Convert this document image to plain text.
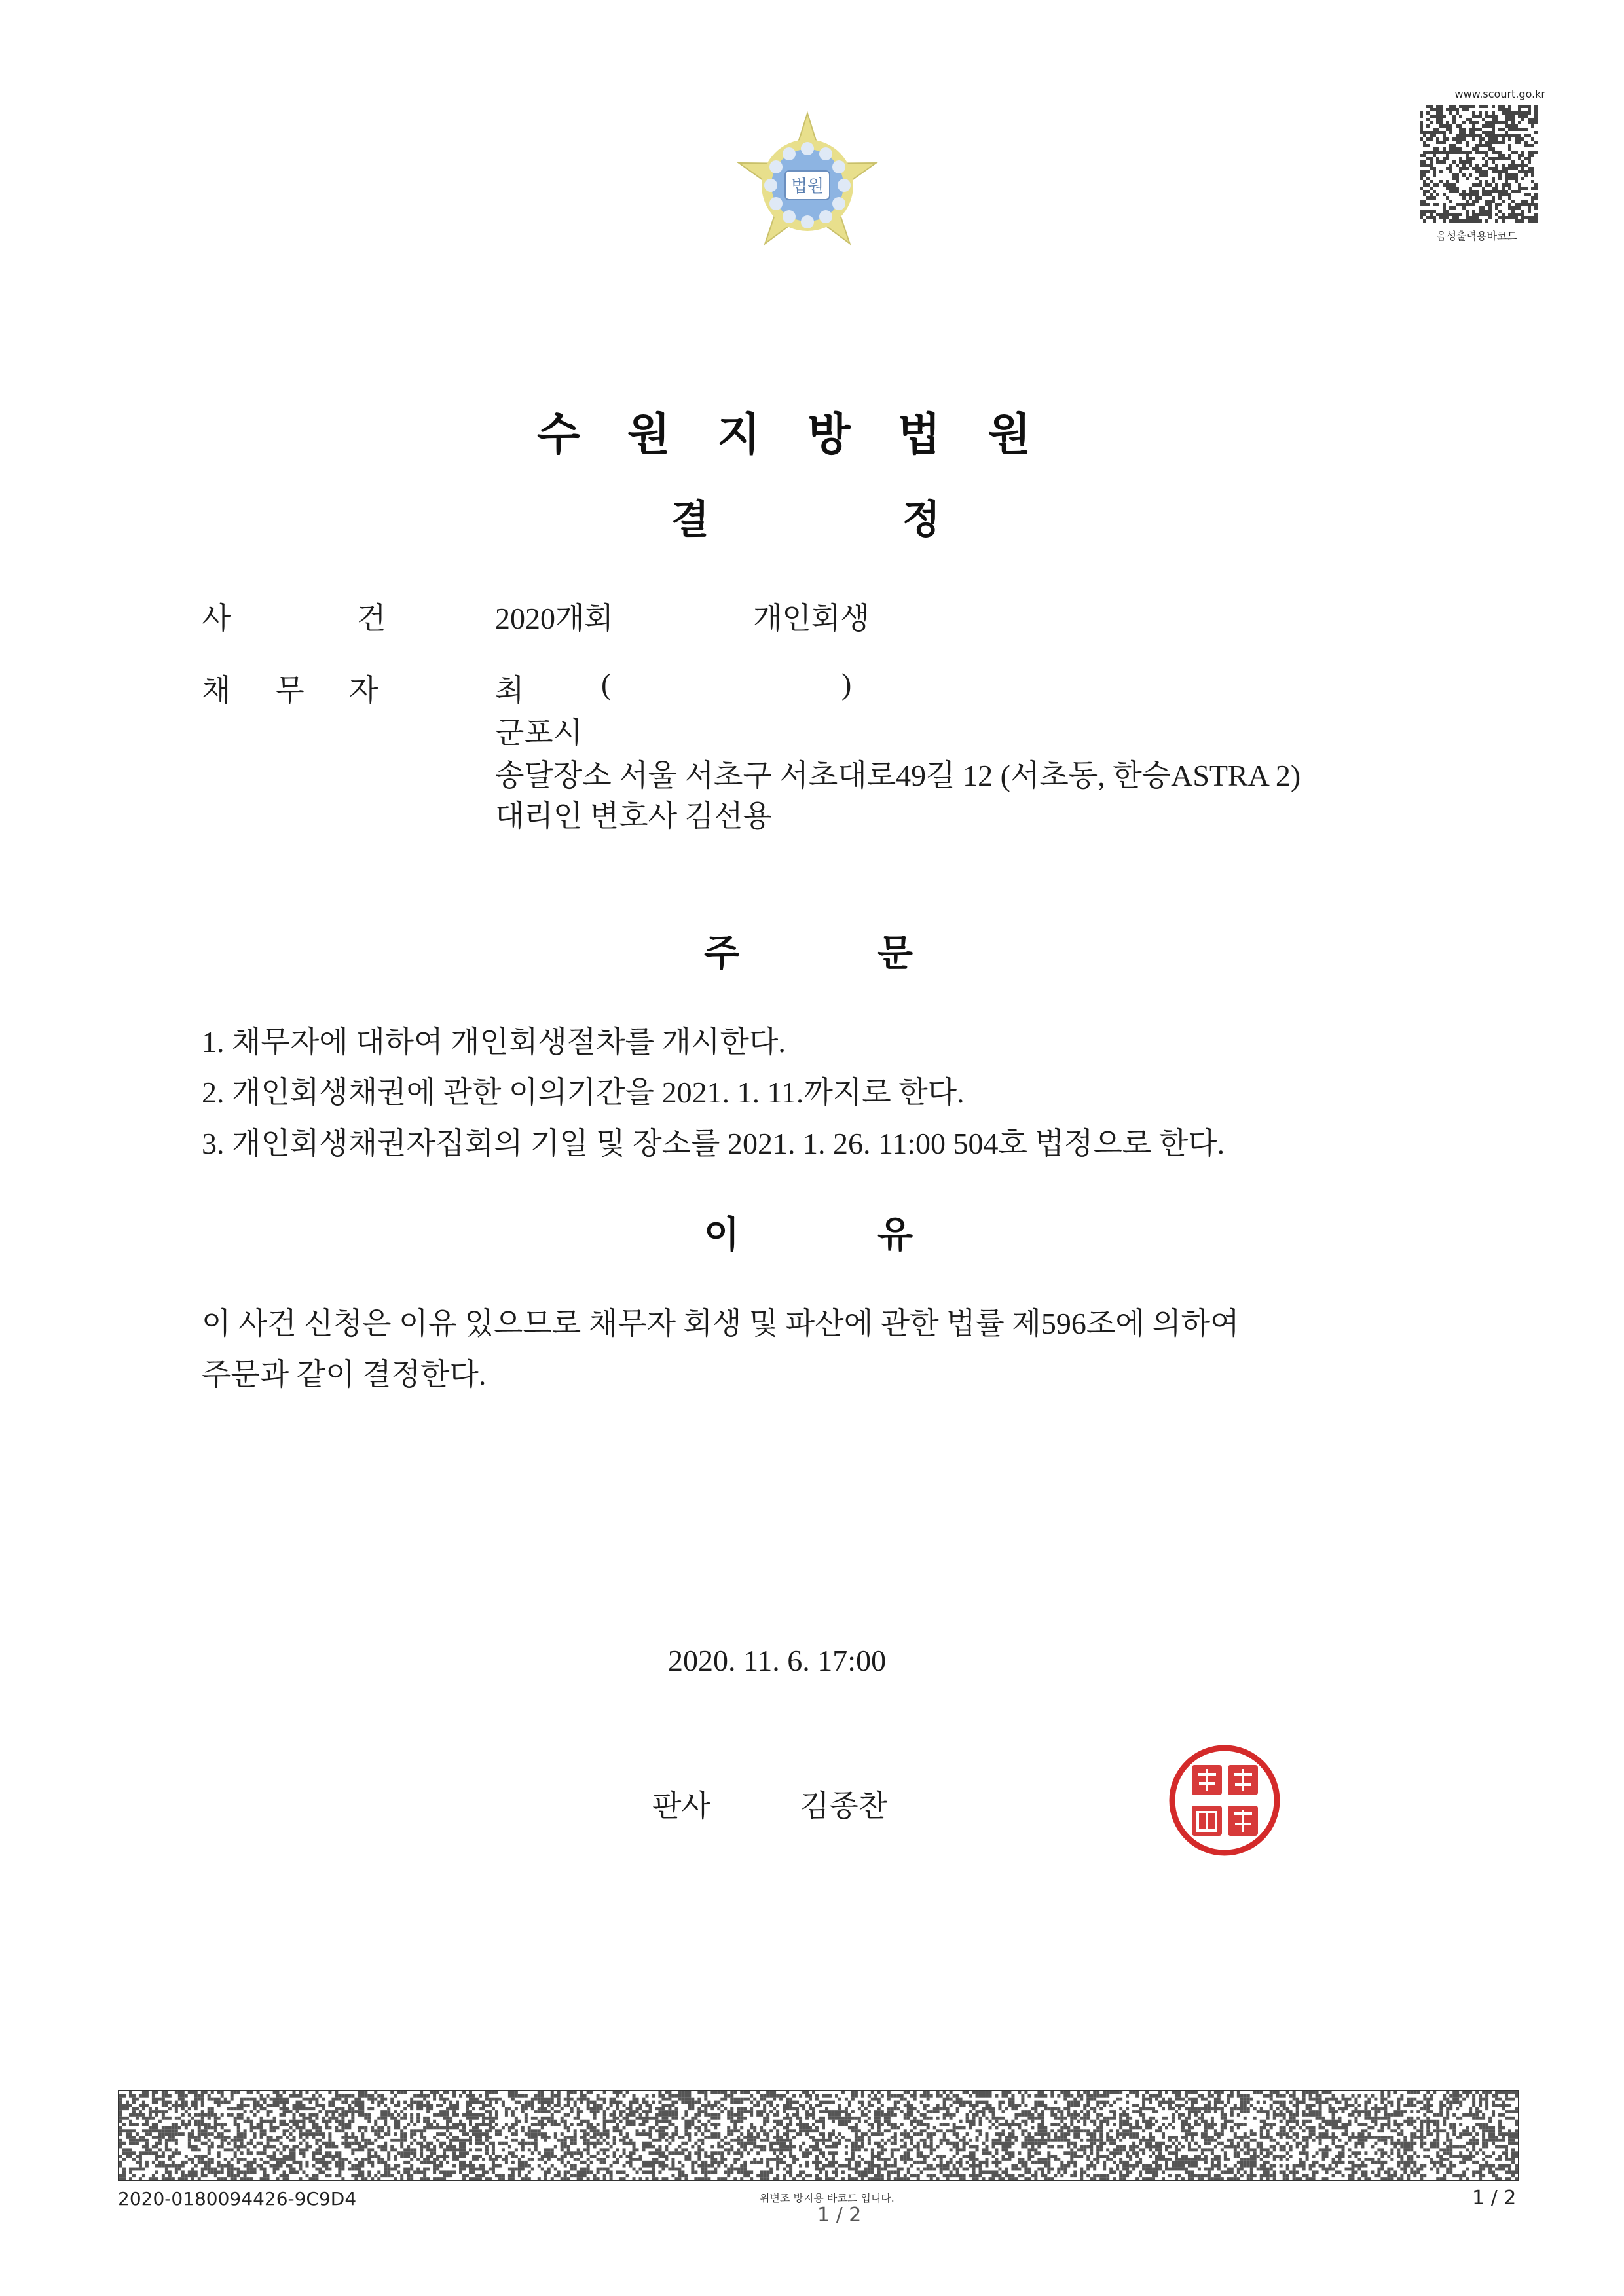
법원
www.scourt.go.kr
음성출력용바코드
수원지방법원
결	정
사	건	2020개회	개인회생
채무자 최	(	)
군포시
송달장소 서울 서초구 서초대로49길 12 (서초동, 한승ASTRA 2)
대리인 변호사 김선용
주	문
1. 채무자에 대하여 개인회생절차를 개시한다.
2. 개인회생채권에 관한 이의기간을 2021. 1. 11.까지로 한다.
3. 개인회생채권자집회의 기일 및 장소를 2021. 1. 26. 11:00 504호 법정으로 한다.
이	유
이 사건 신청은 이유 있으므로 채무자 회생 및 파산에 관한 법률 제596조에 의하여
주문과 같이 결정한다.
2020. 11. 6. 17:00
판사	김종찬
2020-0180094426-9C9D4	위변조 방지용 바코드 입니다.
1 / 2
1 / 2
